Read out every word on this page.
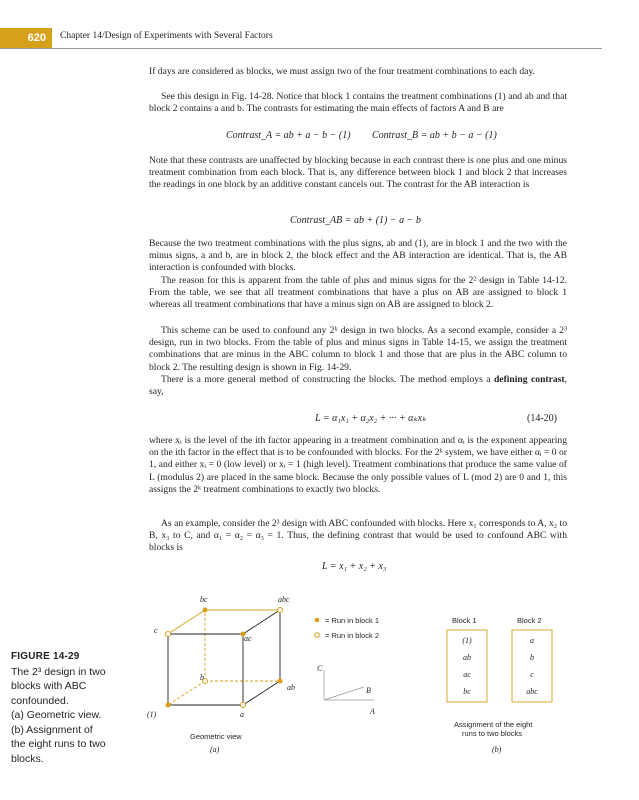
620	Chapter 14/Design of Experiments with Several Factors

If days are considered as blocks, we must assign two of the four treatment combinations to each day.

See this design in Fig. 14-28. Notice that block 1 contains the treatment combinations (1) and ab and that block 2 contains a and b. The contrasts for estimating the main effects of factors A and B are

Contrast_A = ab + a − b − (1) Contrast_B = ab + b − a − (1)

Note that these contrasts are unaffected by blocking because in each contrast there is one plus and one minus treatment combination from each block. That is, any difference between block 1 and block 2 that increases the readings in one block by an additive constant cancels out. The contrast for the AB interaction is

Contrast_AB = ab + (1) − a − b

Because the two treatment combinations with the plus signs, ab and (1), are in block 1 and the two with the minus signs, a and b, are in block 2, the block effect and the AB interaction are identical. That is, the AB interaction is confounded with blocks.

The reason for this is apparent from the table of plus and minus signs for the 2² design in Table 14-12. From the table, we see that all treatment combinations that have a plus on AB are assigned to block 1 whereas all treatment combinations that have a minus sign on AB are assigned to block 2.

This scheme can be used to confound any 2ᵏ design in two blocks. As a second example, consider a 2³ design, run in two blocks. From the table of plus and minus signs in Table 14-15, we assign the treatment combinations that are minus in the ABC column to block 1 and those that are plus in the ABC column to block 2. The resulting design is shown in Fig. 14-29.

There is a more general method of constructing the blocks. The method employs a defining contrast, say,

L = α₁x₁ + α₂x₂ + ··· + αₖxₖ	(14-20)

where xᵢ is the level of the ith factor appearing in a treatment combination and αᵢ is the exponent appearing on the ith factor in the effect that is to be confounded with blocks. For the 2ᵏ system, we have either αᵢ = 0 or 1, and either xᵢ = 0 (low level) or xᵢ = 1 (high level). Treatment combinations that produce the same value of L (modulus 2) are placed in the same block. Because the only possible values of L (mod 2) are 0 and 1, this assigns the 2ᵏ treatment combinations to exactly two blocks.

As an example, consider the 2³ design with ABC confounded with blocks. Here x₁ corresponds to A, x₂ to B, x₃ to C, and α₁ = α₂ = α₃ = 1. Thus, the defining contrast that would be used to confound ABC with blocks is

L = x₁ + x₂ + x₃
FIGURE 14-29
The 2³ design in two
blocks with ABC
confounded.
(a) Geometric view.
(b) Assignment of
the eight runs to two
blocks.
bc	abc
c
ac
b
ab
(1)	a
Geometric view
(a)
= Run in block 1
= Run in block 2
C
B
A
Block 1	Block 2
(1)
ab
ac
bc
a
b
c
abc
Assignment of the eight
runs to two blocks
(b)
